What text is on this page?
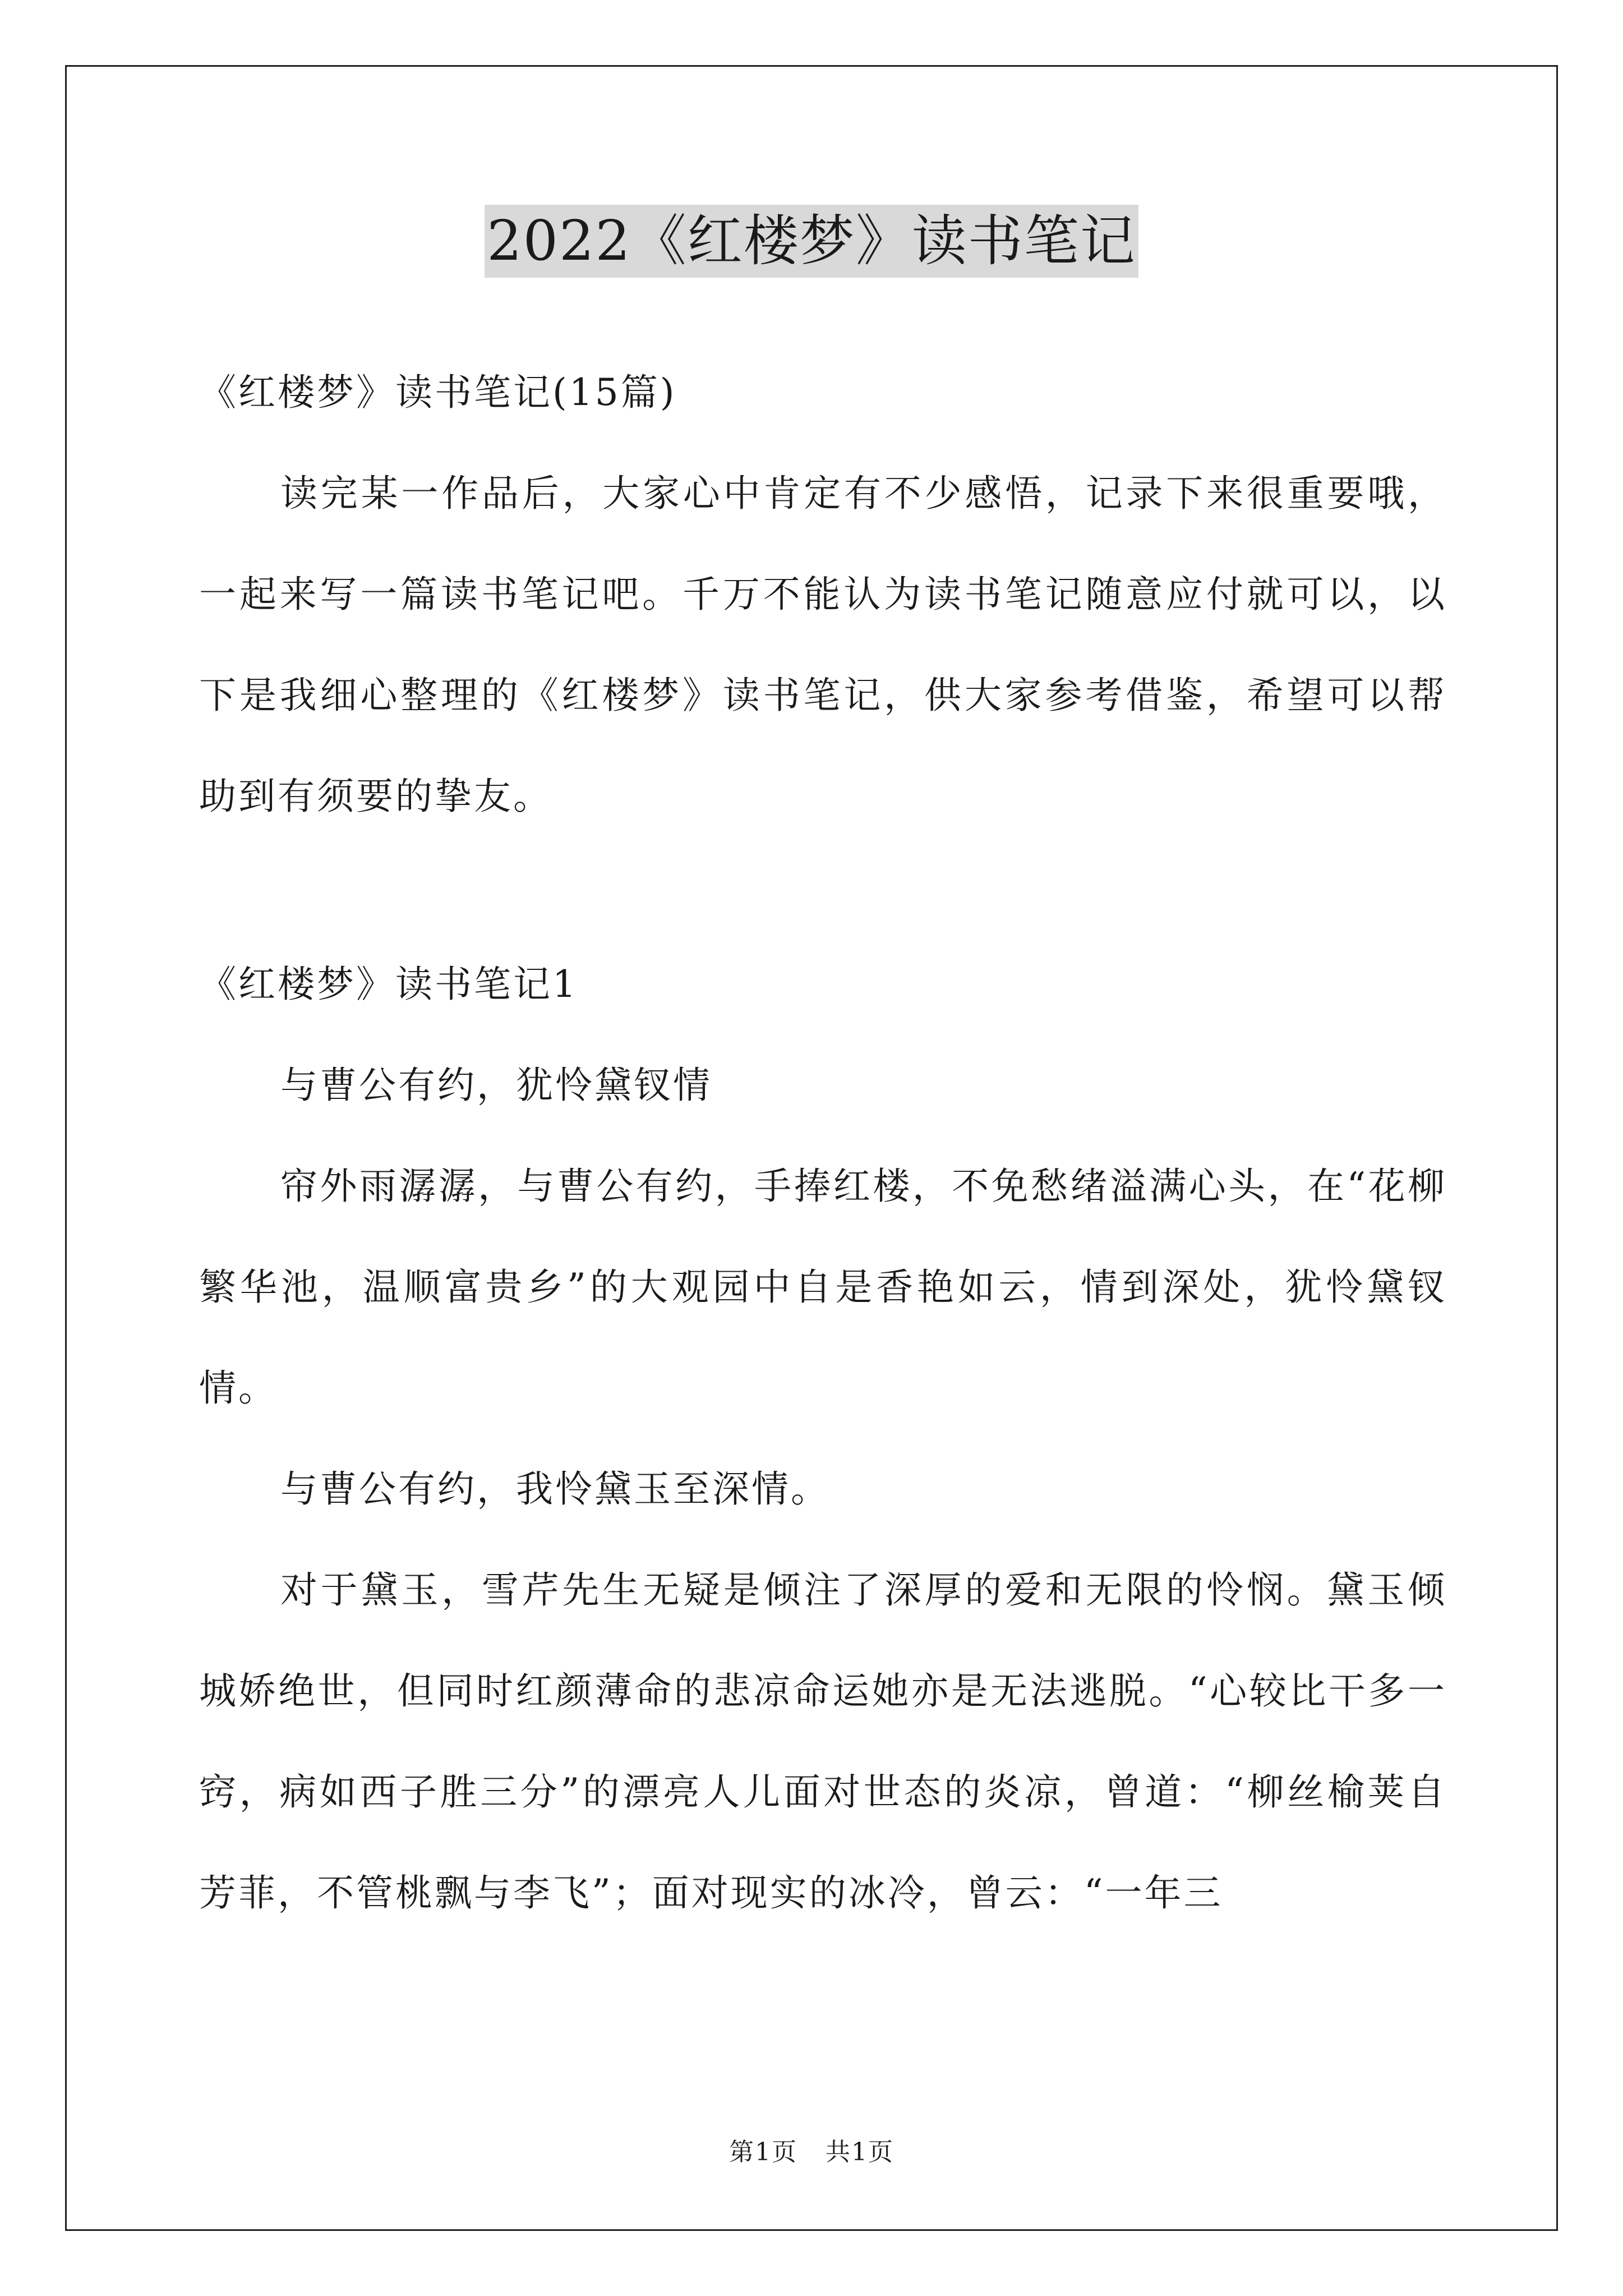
2022《红楼梦》读书笔记

《红楼梦》读书笔记(15篇)

读完某一作品后，大家心中肯定有不少感悟，记录下来很重要哦，一起来写一篇读书笔记吧。千万不能认为读书笔记随意应付就可以，以下是我细心整理的《红楼梦》读书笔记，供大家参考借鉴，希望可以帮助到有须要的挚友。

《红楼梦》读书笔记1

与曹公有约，犹怜黛钗情

帘外雨潺潺，与曹公有约，手捧红楼，不免愁绪溢满心头，在“花柳繁华池，温顺富贵乡”的大观园中自是香艳如云，情到深处，犹怜黛钗情。

与曹公有约，我怜黛玉至深情。

对于黛玉，雪芹先生无疑是倾注了深厚的爱和无限的怜悯。黛玉倾城娇绝世，但同时红颜薄命的悲凉命运她亦是无法逃脱。“心较比干多一窍，病如西子胜三分”的漂亮人儿面对世态的炎凉，曾道：“柳丝榆荚自芳菲，不管桃飘与李飞”；面对现实的冰冷，曾云：“一年三

第1页 共1页
